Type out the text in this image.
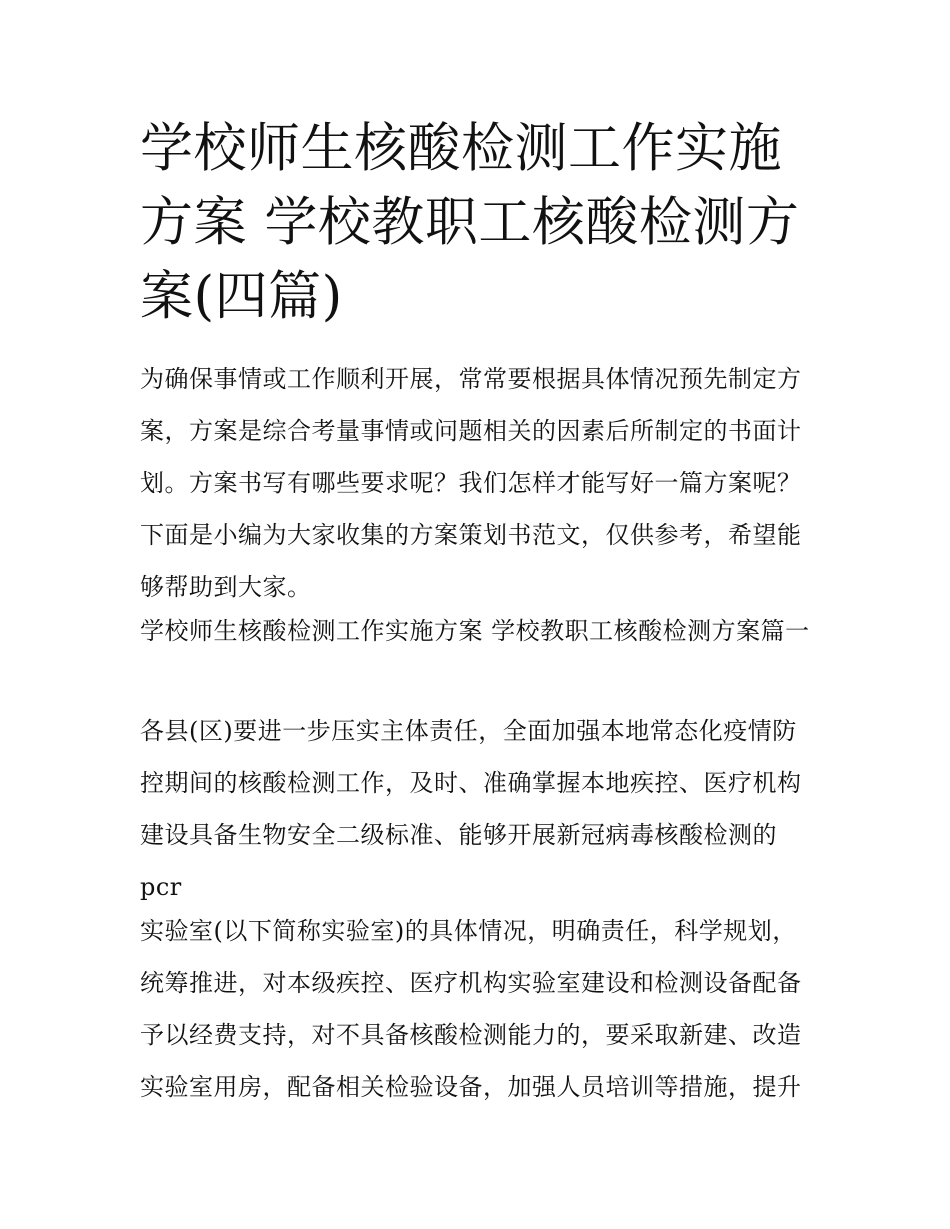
学校师生核酸检测工作实施方案 学校教职工核酸检测方案(四篇)

为确保事情或工作顺利开展，常常要根据具体情况预先制定方案，方案是综合考量事情或问题相关的因素后所制定的书面计划。方案书写有哪些要求呢？我们怎样才能写好一篇方案呢？下面是小编为大家收集的方案策划书范文，仅供参考，希望能够帮助到大家。

学校师生核酸检测工作实施方案 学校教职工核酸检测方案篇一

各县(区)要进一步压实主体责任，全面加强本地常态化疫情防控期间的核酸检测工作，及时、准确掌握本地疾控、医疗机构建设具备生物安全二级标准、能够开展新冠病毒核酸检测的pcr

实验室(以下简称实验室)的具体情况，明确责任，科学规划，统筹推进，对本级疾控、医疗机构实验室建设和检测设备配备予以经费支持，对不具备核酸检测能力的，要采取新建、改造实验室用房，配备相关检验设备，加强人员培训等措施，提升
